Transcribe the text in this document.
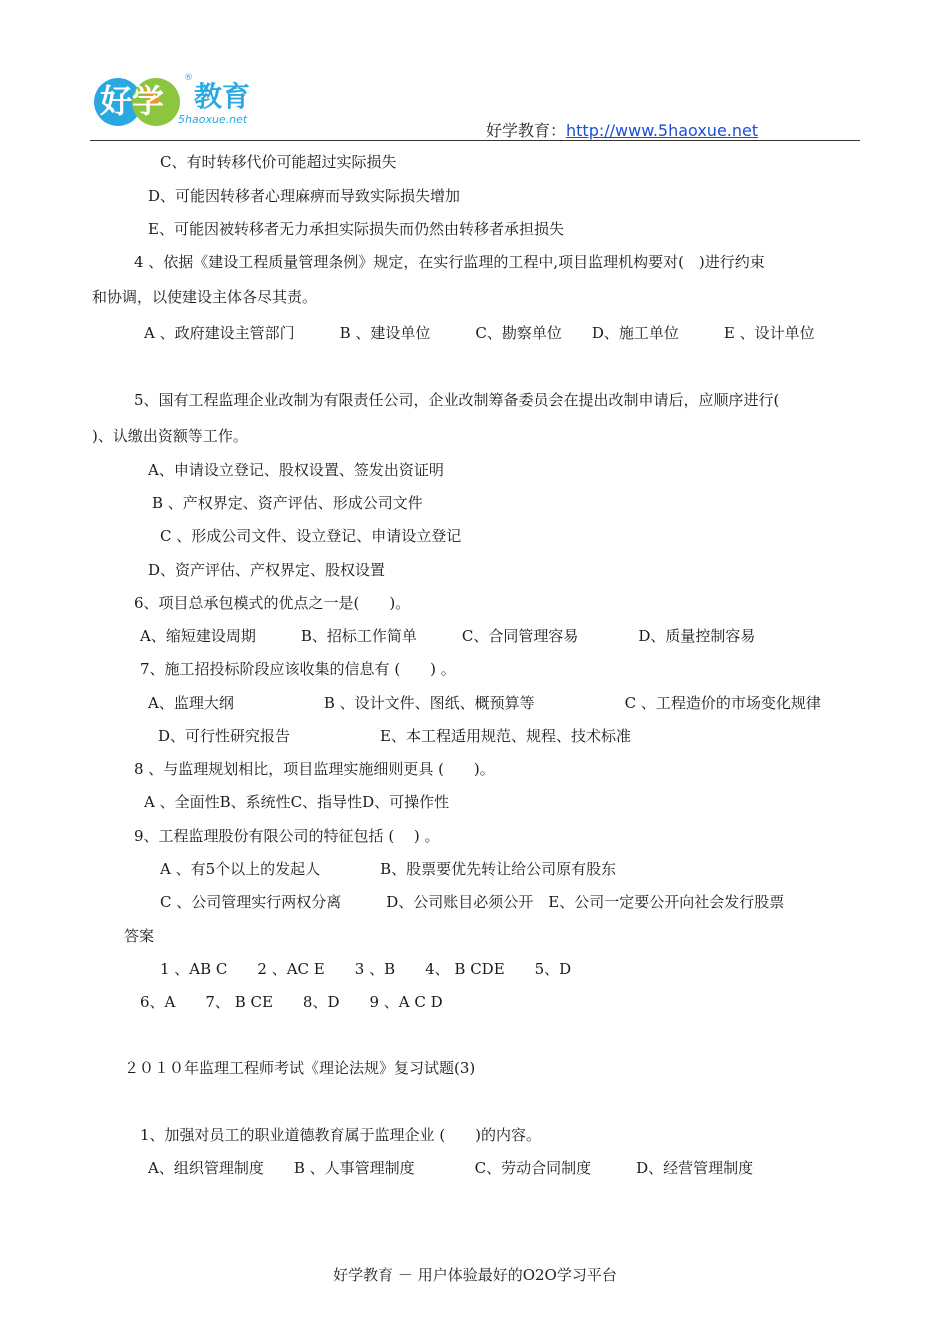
好学 教育
5haoxue.net
®
好学教育：http://www.5haoxue.net
C、有时转移代价可能超过实际损失
D、可能因转移者心理麻痹而导致实际损失增加
E、可能因被转移者无力承担实际损失而仍然由转移者承担损失
4 、依据《建设工程质量管理条例》规定，在实行监理的工程中,项目监理机构要对(　)进行约束
和协调，以使建设主体各尽其责。
A 、政府建设主管部门　　　B 、建设单位　　　C、勘察单位　　D、施工单位　　　E 、设计单位
5、国有工程监理企业改制为有限责任公司，企业改制筹备委员会在提出改制申请后，应顺序进行(
)、认缴出资额等工作。
A、申请设立登记、股权设置、签发出资证明
B 、产权界定、资产评估、形成公司文件
C 、形成公司文件、设立登记、申请设立登记
D、资产评估、产权界定、股权设置
6、项目总承包模式的优点之一是(　　)。
A、缩短建设周期　　　B、招标工作简单　　　C、合同管理容易　　　　D、质量控制容易
7、施工招投标阶段应该收集的信息有 (　　) 。
A、监理大纲　　　　　　B 、设计文件、图纸、概预算等　　　　　　C 、工程造价的市场变化规律
D、可行性研究报告　　　　　　E、本工程适用规范、规程、技术标准
8 、与监理规划相比，项目监理实施细则更具 (　　)。
A 、全面性B、系统性C、指导性D、可操作性
9、工程监理股份有限公司的特征包括 (　 ) 。
A 、有5个以上的发起人　　　　B、股票要优先转让给公司原有股东
C 、公司管理实行两权分离　　　D、公司账目必须公开　E、公司一定要公开向社会发行股票
答案
1 、AB C　　2 、AC E　　3 、B　　4、 B CDE　　5、D
6、A　　7、 B CE　　8、D　　9 、A C D
２０１０年监理工程师考试《理论法规》复习试题(3)
1、加强对员工的职业道德教育属于监理企业 (　　)的内容。
A、组织管理制度　　B 、人事管理制度　　　　C、劳动合同制度　　　D、经营管理制度
好学教育 － 用户体验最好的O2O学习平台
